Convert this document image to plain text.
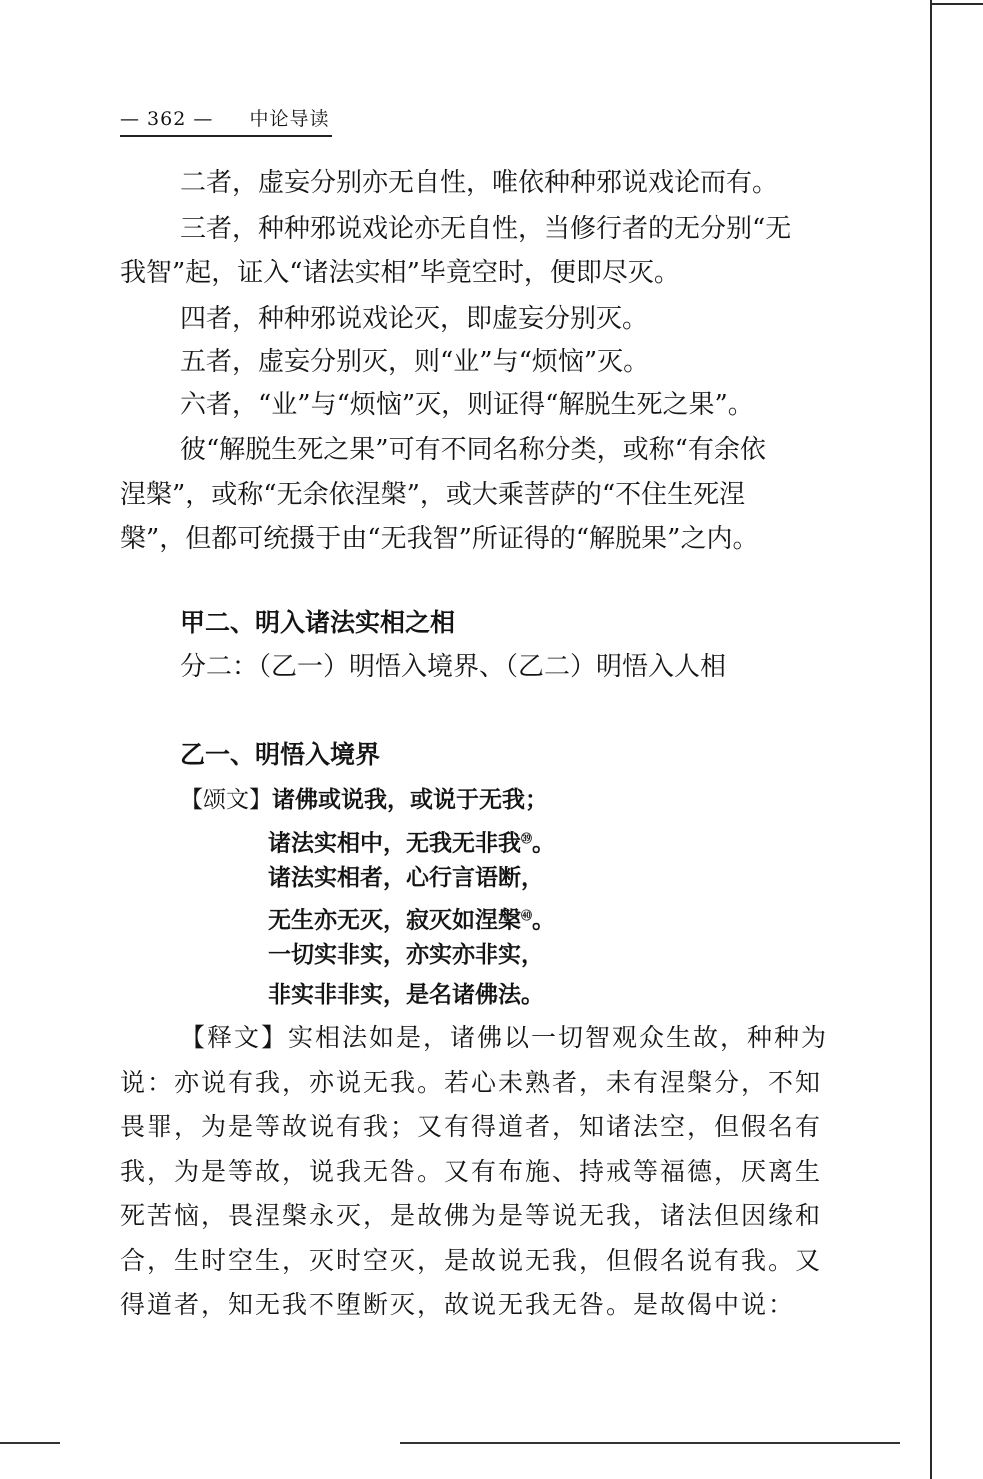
— 362 — 中论导读
二者，虚妄分别亦无自性，唯依种种邪说戏论而有。
三者，种种邪说戏论亦无自性，当修行者的无分别“无
我智”起，证入“诸法实相”毕竟空时，便即尽灭。
四者，种种邪说戏论灭，即虚妄分别灭。
五者，虚妄分别灭，则“业”与“烦恼”灭。
六者，“业”与“烦恼”灭，则证得“解脱生死之果”。
彼“解脱生死之果”可有不同名称分类，或称“有余依
涅槃”，或称“无余依涅槃”，或大乘菩萨的“不住生死涅
槃”，但都可统摄于由“无我智”所证得的“解脱果”之内。
甲二、明入诸法实相之相
分二：（乙一）明悟入境界、（乙二）明悟入人相
乙一、明悟入境界
【颂文】诸佛或说我，或说于无我；
诸法实相中，无我无非我$^㊴$。
诸法实相者，心行言语断，
无生亦无灭，寂灭如涅槃$^㊵$。
一切实非实，亦实亦非实，
非实非非实，是名诸佛法。
【释文】实相法如是，诸佛以一切智观众生故，种种为
说：亦说有我，亦说无我。若心未熟者，未有涅槃分，不知
畏罪，为是等故说有我；又有得道者，知诸法空，但假名有
我，为是等故，说我无咎。又有布施、持戒等福德，厌离生
死苦恼，畏涅槃永灭，是故佛为是等说无我，诸法但因缘和
合，生时空生，灭时空灭，是故说无我，但假名说有我。又
得道者，知无我不堕断灭，故说无我无咎。是故偈中说：
